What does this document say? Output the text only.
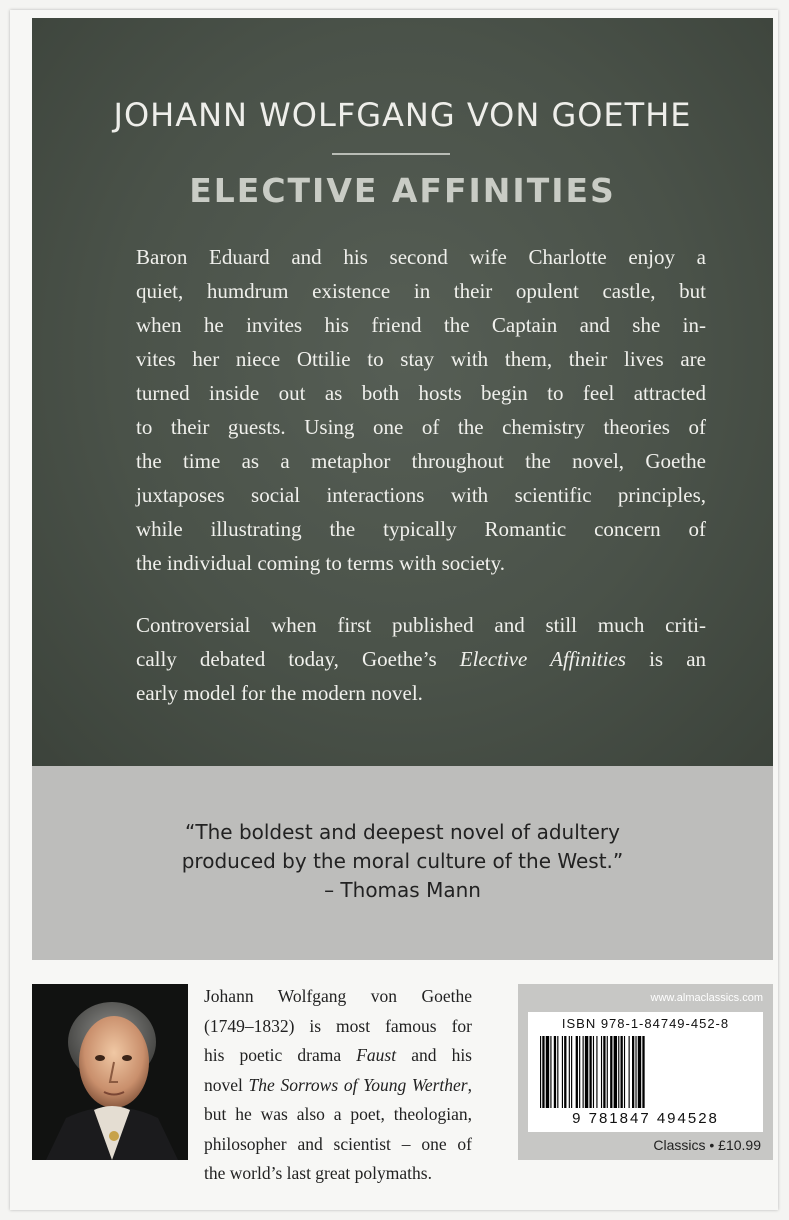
JOHANN WOLFGANG VON GOETHE
ELECTIVE AFFINITIES

Baron Eduard and his second wife Charlotte enjoy a
quiet, humdrum existence in their opulent castle, but
when he invites his friend the Captain and she in-
vites her niece Ottilie to stay with them, their lives are
turned inside out as both hosts begin to feel attracted
to their guests. Using one of the chemistry theories of
the time as a metaphor throughout the novel, Goethe
juxtaposes social interactions with scientific principles,
while illustrating the typically Romantic concern of
the individual coming to terms with society.

Controversial when first published and still much criti-
cally debated today, Goethe’s Elective Affinities is an
early model for the modern novel.

“The boldest and deepest novel of adultery
produced by the moral culture of the West.”
– Thomas Mann
Johann Wolfgang von Goethe
(1749–1832) is most famous for
his poetic drama Faust and his
novel The Sorrows of Young Werther,
but he was also a poet, theologian,
philosopher and scientist – one of
the world’s last great polymaths.
www.almaclassics.com
ISBN 978-1-84749-452-8
9 781847 494528
Classics • £10.99
